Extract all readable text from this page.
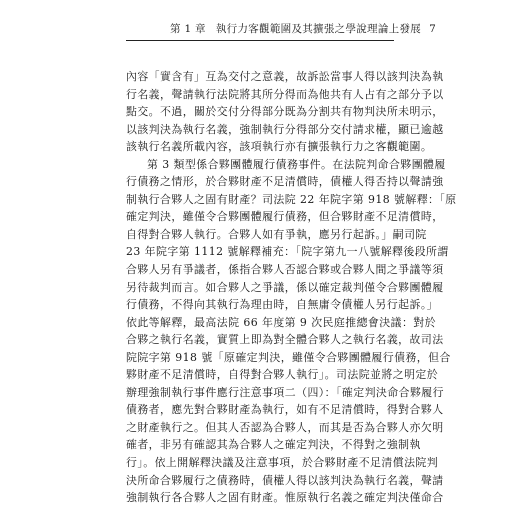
第 1 章 執行力客觀範圍及其擴張之學說理論上發展 7
內容「實含有」互為交付之意義，故訴訟當事人得以該判決為執
行名義，聲請執行法院將其所分得而為他共有人占有之部分予以
點交。不過，關於交付分得部分既為分割共有物判決所未明示，
以該判決為執行名義，強制執行分得部分交付請求權，顯已逾越
該執行名義所載內容，該項執行亦有擴張執行力之客觀範圍。
第 3 類型係合夥團體履行債務事件。在法院判命合夥團體履
行債務之情形，於合夥財產不足清償時，債權人得否持以聲請強
制執行合夥人之固有財產？司法院 22 年院字第 918 號解釋：「原
確定判決，雖僅令合夥團體履行債務，但合夥財產不足清償時，
自得對合夥人執行。合夥人如有爭執，應另行起訴。」嗣司院
23 年院字第 1112 號解釋補充：「院字第九一八號解釋後段所謂
合夥人另有爭議者，係指合夥人否認合夥或合夥人間之爭議等須
另待裁判而言。如合夥人之爭議，係以確定裁判僅令合夥團體履
行債務，不得向其執行為理由時，自無庸令債權人另行起訴。」
依此等解釋，最高法院 66 年度第 9 次民庭推總會決議：對於
合夥之執行名義，實質上即為對全體合夥人之執行名義，故司法
院院字第 918 號「原確定判決，雖僅令合夥團體履行債務，但合
夥財產不足清償時，自得對合夥人執行」。司法院並將之明定於
辦理強制執行事件應行注意事項二（四）：「確定判決命合夥履行
債務者，應先對合夥財產為執行，如有不足清償時，得對合夥人
之財產執行之。但其人否認為合夥人，而其是否為合夥人亦欠明
確者，非另有確認其為合夥人之確定判決，不得對之強制執
行」。依上開解釋決議及注意事項，於合夥財產不足清償法院判
決所命合夥履行之債務時，債權人得以該判決為執行名義，聲請
強制執行各合夥人之固有財產。惟原執行名義之確定判決僅命合
